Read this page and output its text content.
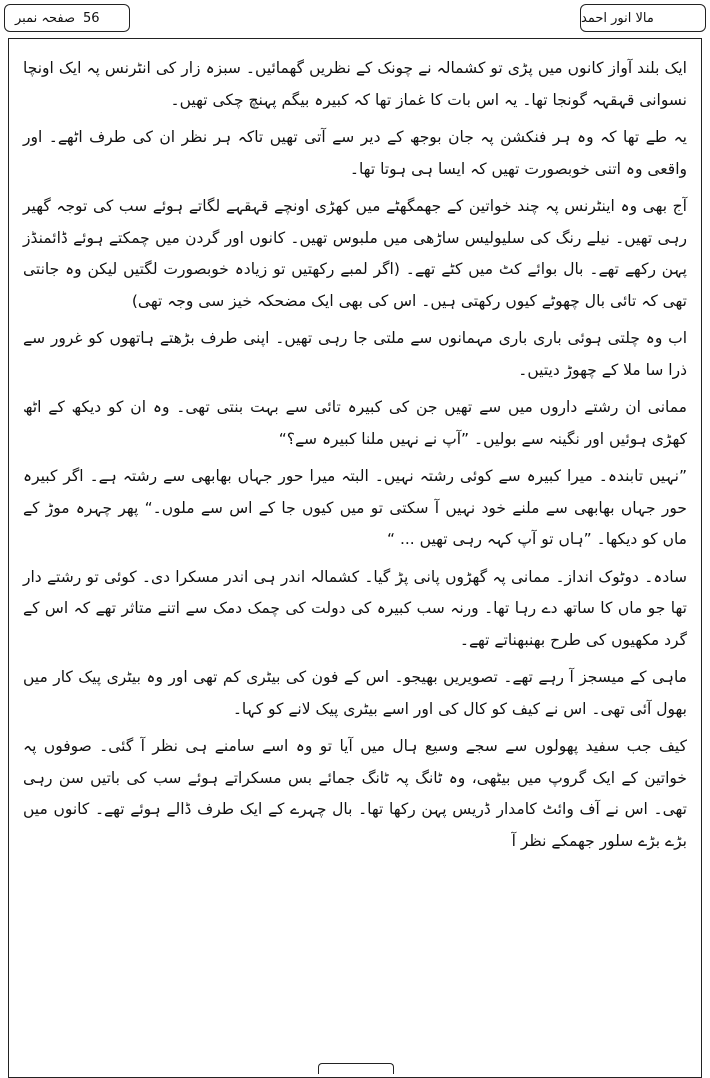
صفحہ نمبر 56	مالا انور احمد

ایک بلند آواز کانوں میں پڑی تو کشمالہ نے چونک کے نظریں گھمائیں۔ سبزہ زار کی انٹرنس پہ ایک اونچا نسوانی قہقہہ گونجا تھا۔ یہ اس بات کا غماز تھا کہ کبیرہ بیگم پہنچ چکی تھیں۔

یہ طے تھا کہ وہ ہر فنکشن پہ جان بوجھ کے دیر سے آتی تھیں تاکہ ہر نظر ان کی طرف اٹھے۔ اور واقعی وہ اتنی خوبصورت تھیں کہ ایسا ہی ہوتا تھا۔

آج بھی وہ اینٹرنس پہ چند خواتین کے جھمگھٹے میں کھڑی اونچے قہقہے لگاتے ہوئے سب کی توجہ گھیر رہی تھیں۔ نیلے رنگ کی سلیولیس ساڑھی میں ملبوس تھیں۔ کانوں اور گردن میں چمکتے ہوئے ڈائمنڈز پہن رکھے تھے۔ بال بوائے کٹ میں کٹے تھے۔ (اگر لمبے رکھتیں تو زیادہ خوبصورت لگتیں لیکن وہ جانتی تھی کہ تائی بال چھوٹے کیوں رکھتی ہیں۔ اس کی بھی ایک مضحکہ خیز سی وجہ تھی)

اب وہ چلتی ہوئی باری باری مہمانوں سے ملتی جا رہی تھیں۔ اپنی طرف بڑھتے ہاتھوں کو غرور سے ذرا سا ملا کے چھوڑ دیتیں۔

ممانی ان رشتے داروں میں سے تھیں جن کی کبیرہ تائی سے بہت بنتی تھی۔ وہ ان کو دیکھ کے اٹھ کھڑی ہوئیں اور نگینہ سے بولیں۔ ”آپ نے نہیں ملنا کبیرہ سے؟“

”نہیں تابندہ۔ میرا کبیرہ سے کوئی رشتہ نہیں۔ البتہ میرا حور جہاں بھابھی سے رشتہ ہے۔ اگر کبیرہ حور جہاں بھابھی سے ملنے خود نہیں آ سکتی تو میں کیوں جا کے اس سے ملوں۔“ پھر چہرہ موڑ کے ماں کو دیکھا۔ ”ہاں تو آپ کہہ رہی تھیں ... “

سادہ۔ دوٹوک انداز۔ ممانی پہ گھڑوں پانی پڑ گیا۔ کشمالہ اندر ہی اندر مسکرا دی۔ کوئی تو رشتے دار تھا جو ماں کا ساتھ دے رہا تھا۔ ورنہ سب کبیرہ کی دولت کی چمک دمک سے اتنے متاثر تھے کہ اس کے گرد مکھیوں کی طرح بھنبھناتے تھے۔

ماہی کے میسجز آ رہے تھے۔ تصویریں بھیجو۔ اس کے فون کی بیٹری کم تھی اور وہ بیٹری پیک کار میں بھول آئی تھی۔ اس نے کیف کو کال کی اور اسے بیٹری پیک لانے کو کہا۔

کیف جب سفید پھولوں سے سجے وسیع ہال میں آیا تو وہ اسے سامنے ہی نظر آ گئی۔ صوفوں پہ خواتین کے ایک گروپ میں بیٹھی، وہ ٹانگ پہ ٹانگ جمائے بس مسکراتے ہوئے سب کی باتیں سن رہی تھی۔ اس نے آف وائٹ کامدار ڈریس پہن رکھا تھا۔ بال چہرے کے ایک طرف ڈالے ہوئے تھے۔ کانوں میں بڑے بڑے سلور جھمکے نظر آ
